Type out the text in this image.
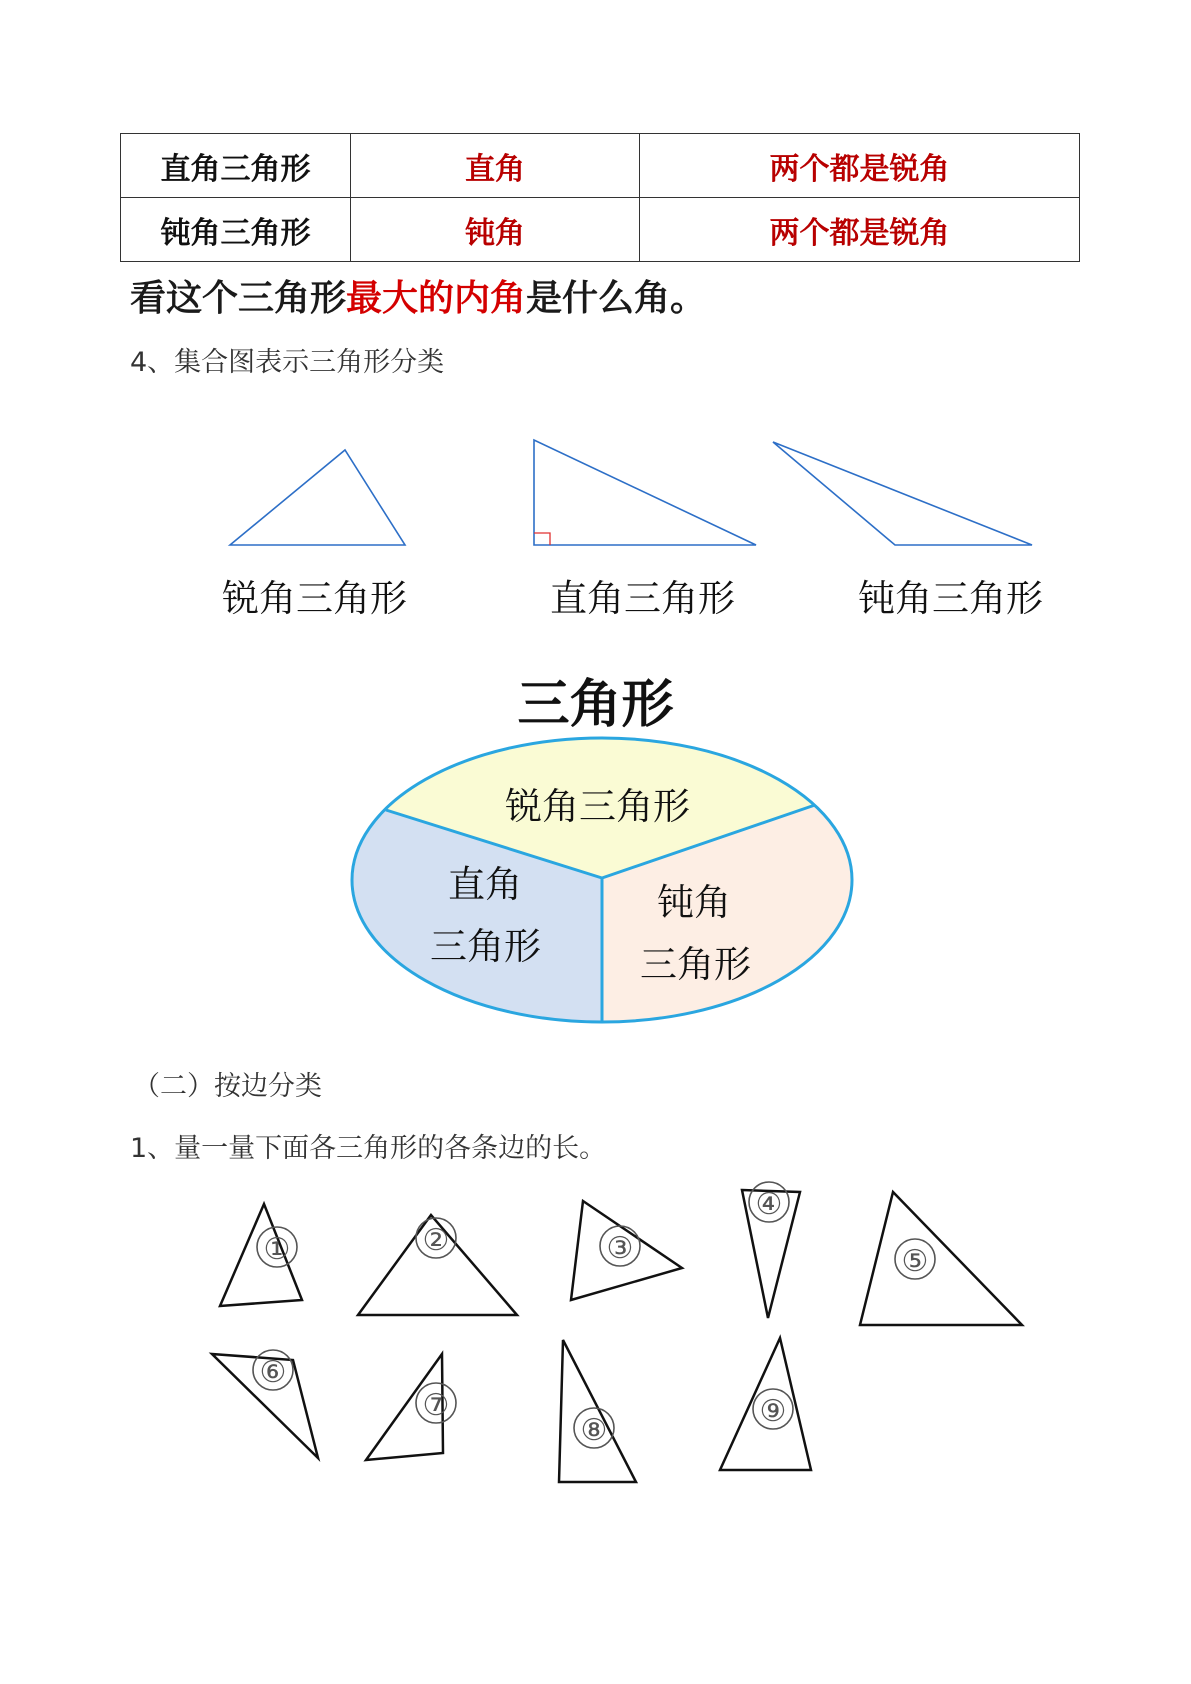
直角三角形	直角	两个都是锐角
钝角三角形	钝角	两个都是锐角
看这个三角形最大的内角是什么角。
4、集合图表示三角形分类
锐角三角形	直角三角形	钝角三角形
三角形
锐角三角形
直角
三角形
钝角
三角形
（二）按边分类
1、量一量下面各三角形的各条边的长。
①	②	③
④
⑤
⑥
⑦
⑧
⑨
